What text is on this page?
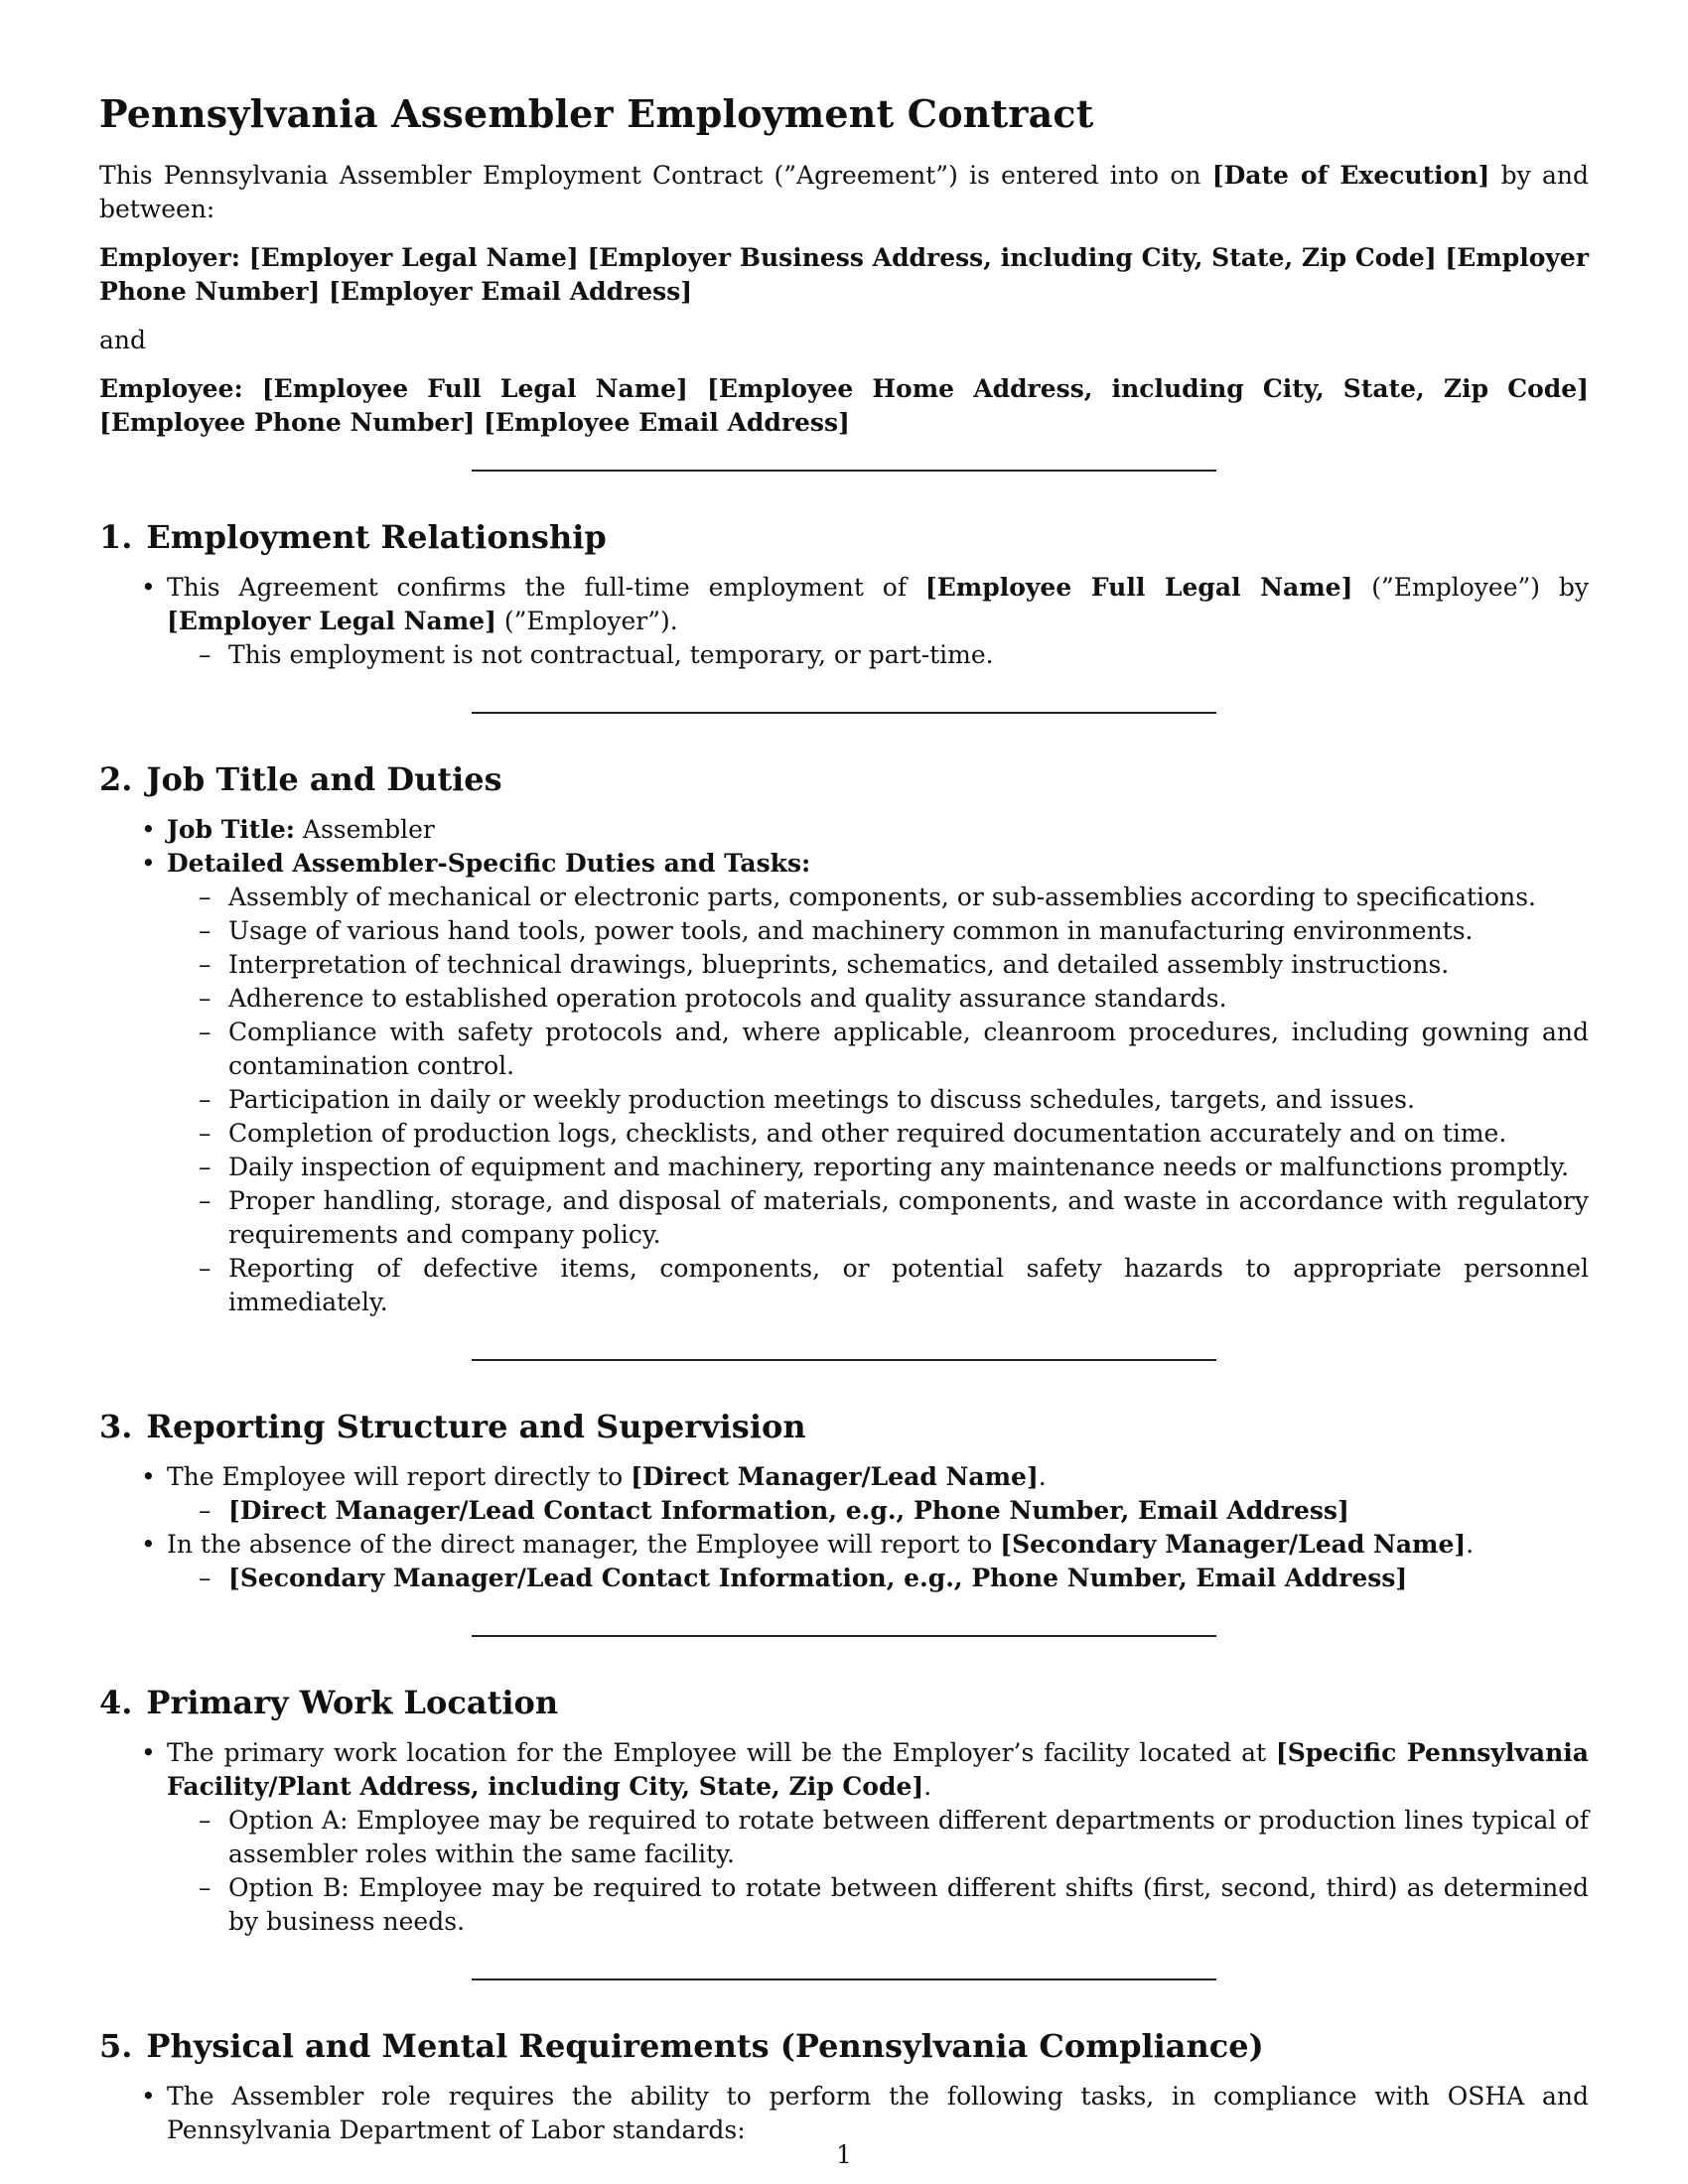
Pennsylvania Assembler Employment Contract

This Pennsylvania Assembler Employment Contract (”Agreement”) is entered into on [Date of Execution] by and between:

Employer: [Employer Legal Name] [Employer Business Address, including City, State, Zip Code] [Employer Phone Number] [Employer Email Address]

and

Employee: [Employee Full Legal Name] [Employee Home Address, including City, State, Zip Code] [Employee Phone Number] [Employee Email Address]

1. Employment Relationship
• This Agreement confirms the full-time employment of [Employee Full Legal Name] (”Employee”) by [Employer Legal Name] (”Employer”).
– This employment is not contractual, temporary, or part-time.
2. Job Title and Duties
• Job Title: Assembler
• Detailed Assembler-Specific Duties and Tasks:
– Assembly of mechanical or electronic parts, components, or sub-assemblies according to specifications.
– Usage of various hand tools, power tools, and machinery common in manufacturing environments.
– Interpretation of technical drawings, blueprints, schematics, and detailed assembly instructions.
– Adherence to established operation protocols and quality assurance standards.
– Compliance with safety protocols and, where applicable, cleanroom procedures, including gowning and contamination control.
– Participation in daily or weekly production meetings to discuss schedules, targets, and issues.
– Completion of production logs, checklists, and other required documentation accurately and on time.
– Daily inspection of equipment and machinery, reporting any maintenance needs or malfunctions promptly.
– Proper handling, storage, and disposal of materials, components, and waste in accordance with regulatory requirements and company policy.
– Reporting of defective items, components, or potential safety hazards to appropriate personnel immediately.
3. Reporting Structure and Supervision
• The Employee will report directly to [Direct Manager/Lead Name].
– [Direct Manager/Lead Contact Information, e.g., Phone Number, Email Address]
• In the absence of the direct manager, the Employee will report to [Secondary Manager/Lead Name].
– [Secondary Manager/Lead Contact Information, e.g., Phone Number, Email Address]
4. Primary Work Location
• The primary work location for the Employee will be the Employer’s facility located at [Specific Pennsylvania Facility/Plant Address, including City, State, Zip Code].
– Option A: Employee may be required to rotate between different departments or production lines typical of assembler roles within the same facility.
– Option B: Employee may be required to rotate between different shifts (first, second, third) as determined by business needs.
5. Physical and Mental Requirements (Pennsylvania Compliance)
• The Assembler role requires the ability to perform the following tasks, in compliance with OSHA and Pennsylvania Department of Labor standards:
1
